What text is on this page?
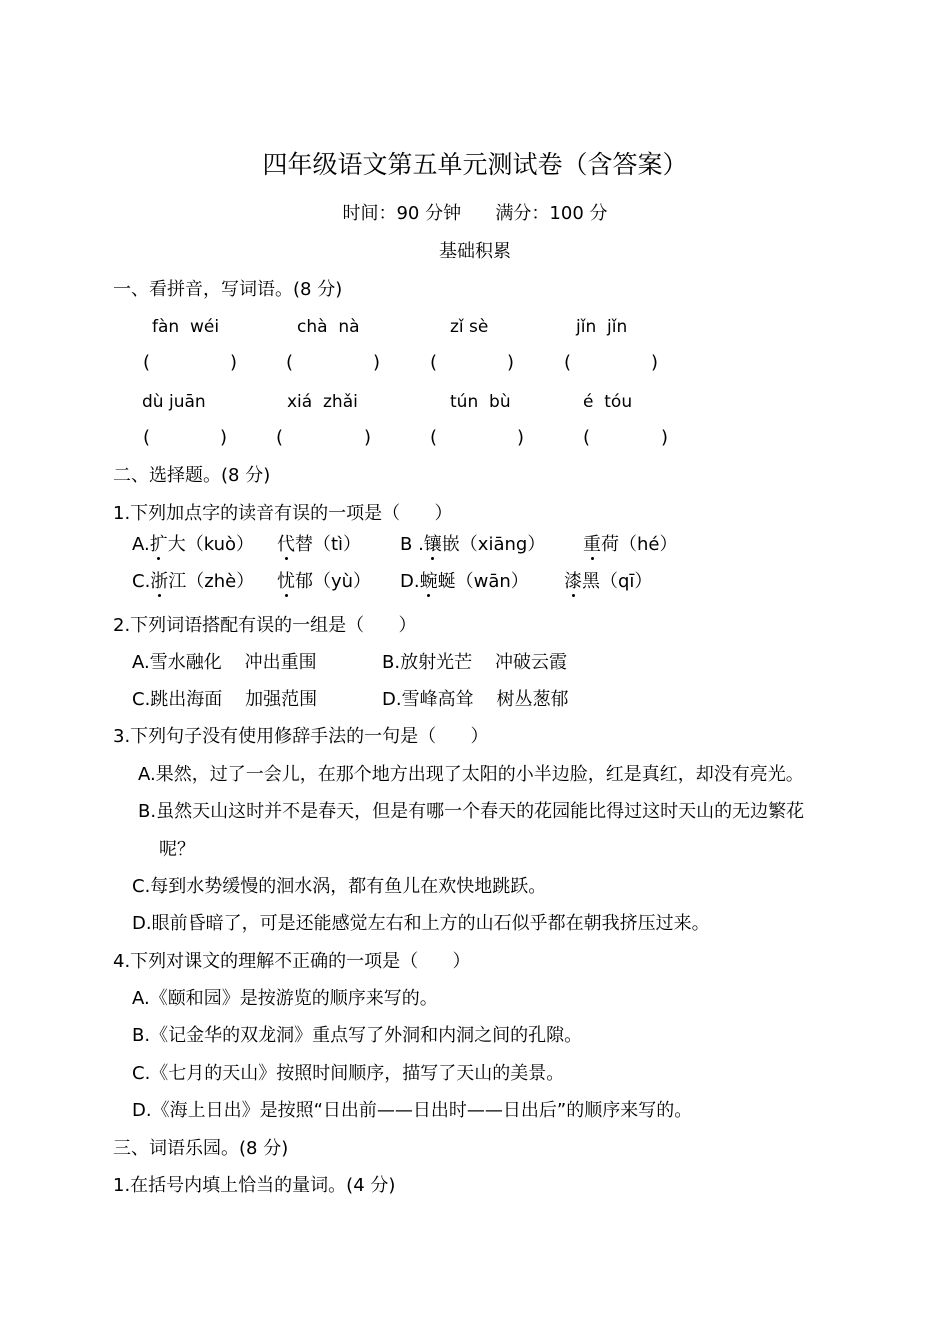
四年级语文第五单元测试卷（含答案）
时间：90 分钟      满分：100 分
基础积累
一、看拼音，写词语。(8 分)
fàn  wéi	chà  nà	zǐ sè	jǐn  jǐn
(	)	(	)	(	)	(	)
dù juān	xiá  zhǎi	tún  bù	é  tóu
(	)	(	)	(	)	(	)
二、选择题。(8 分)
1.下列加点字的读音有误的一项是（      ）
A.扩大（kuò） 代替（tì） B .镶嵌（xiāng） 重荷（hé）
C.浙江（zhè） 忧郁（yù） D.蜿蜒（wān） 漆黑（qī）
2.下列词语搭配有误的一组是（      ）
A.雪水融化    冲出重围	B.放射光芒    冲破云霞
C.跳出海面    加强范围	D.雪峰高耸    树丛葱郁
3.下列句子没有使用修辞手法的一句是（      ）
A.果然，过了一会儿，在那个地方出现了太阳的小半边脸，红是真红，却没有亮光。
B.虽然天山这时并不是春天，但是有哪一个春天的花园能比得过这时天山的无边繁花
呢？
C.每到水势缓慢的洄水涡，都有鱼儿在欢快地跳跃。
D.眼前昏暗了，可是还能感觉左右和上方的山石似乎都在朝我挤压过来。
4.下列对课文的理解不正确的一项是（      ）
A.《颐和园》是按游览的顺序来写的。
B.《记金华的双龙洞》重点写了外洞和内洞之间的孔隙。
C.《七月的天山》按照时间顺序，描写了天山的美景。
D.《海上日出》是按照“日出前——日出时——日出后”的顺序来写的。
三、词语乐园。(8 分)
1.在括号内填上恰当的量词。(4 分)
